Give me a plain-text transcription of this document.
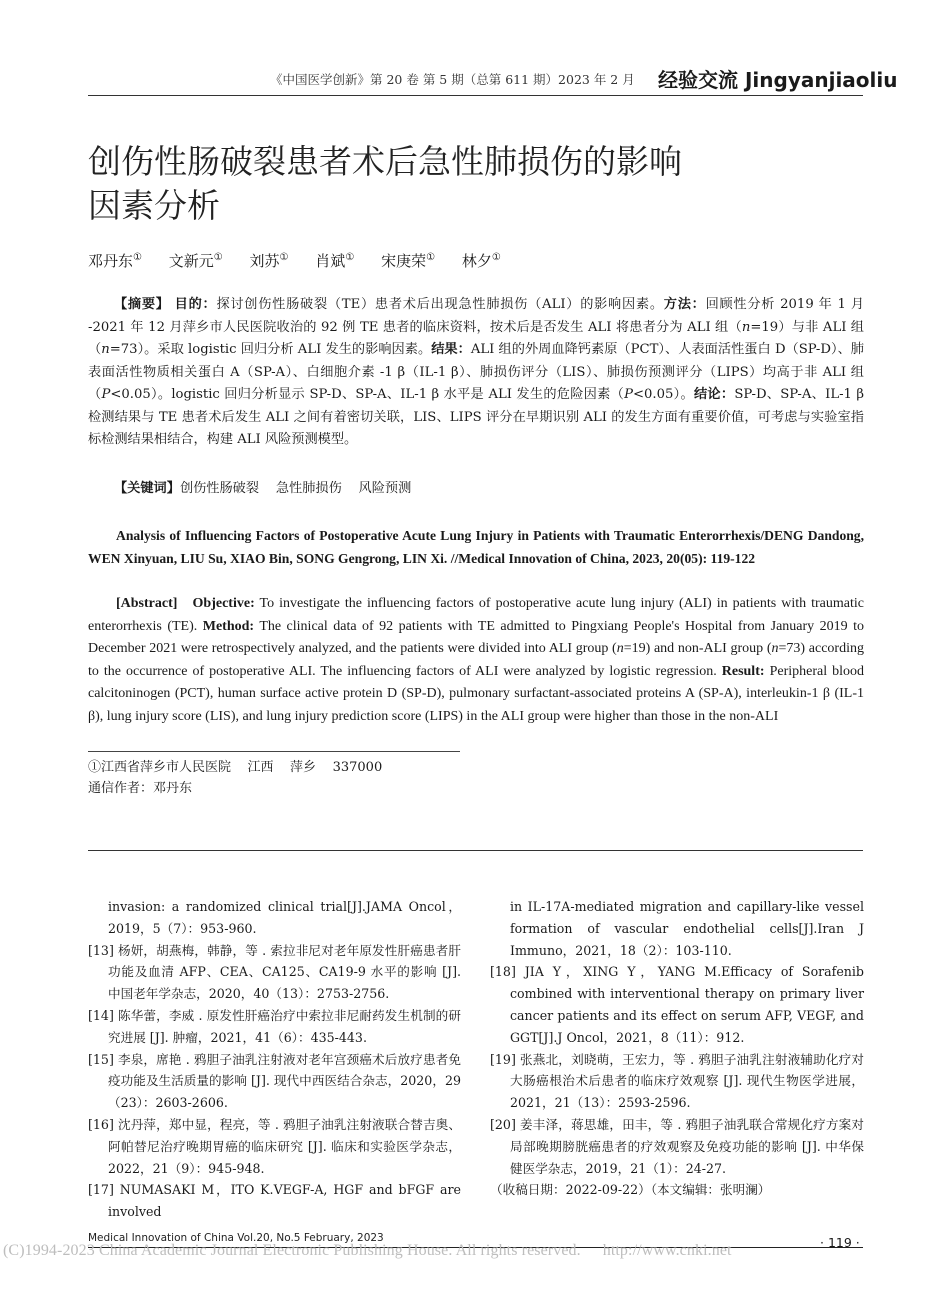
《中国医学创新》第 20 卷 第 5 期（总第 611 期）2023 年 2 月 经验交流 Jingyanjiaoliu
创伤性肠破裂患者术后急性肺损伤的影响
因素分析
邓丹东① 文新元① 刘苏① 肖斌① 宋庚荣① 林夕①
【摘要】 目的：探讨创伤性肠破裂（TE）患者术后出现急性肺损伤（ALI）的影响因素。方法：回顾性分析 2019 年 1 月 -2021 年 12 月萍乡市人民医院收治的 92 例 TE 患者的临床资料，按术后是否发生 ALI 将患者分为 ALI 组（n=19）与非 ALI 组（n=73）。采取 logistic 回归分析 ALI 发生的影响因素。结果：ALI 组的外周血降钙素原（PCT）、人表面活性蛋白 D（SP-D）、肺表面活性物质相关蛋白 A（SP-A）、白细胞介素 -1 β（IL-1 β）、肺损伤评分（LIS）、肺损伤预测评分（LIPS）均高于非 ALI 组（P<0.05）。logistic 回归分析显示 SP-D、SP-A、IL-1 β 水平是 ALI 发生的危险因素（P<0.05）。结论：SP-D、SP-A、IL-1 β 检测结果与 TE 患者术后发生 ALI 之间有着密切关联，LIS、LIPS 评分在早期识别 ALI 的发生方面有重要价值，可考虑与实验室指标检测结果相结合，构建 ALI 风险预测模型。
【关键词】创伤性肠破裂    急性肺损伤    风险预测
Analysis of Influencing Factors of Postoperative Acute Lung Injury in Patients with Traumatic Enterorrhexis/DENG Dandong, WEN Xinyuan, LIU Su, XIAO Bin, SONG Gengrong, LIN Xi. //Medical Innovation of China, 2023, 20(05): 119-122
[Abstract] Objective: To investigate the influencing factors of postoperative acute lung injury (ALI) in patients with traumatic enterorrhexis (TE). Method: The clinical data of 92 patients with TE admitted to Pingxiang People's Hospital from January 2019 to December 2021 were retrospectively analyzed, and the patients were divided into ALI group (n=19) and non-ALI group (n=73) according to the occurrence of postoperative ALI. The influencing factors of ALI were analyzed by logistic regression. Result: Peripheral blood calcitoninogen (PCT), human surface active protein D (SP-D), pulmonary surfactant-associated proteins A (SP-A), interleukin-1 β (IL-1 β), lung injury score (LIS), and lung injury prediction score (LIPS) in the ALI group were higher than those in the non-ALI
①江西省萍乡市人民医院    江西    萍乡    337000
通信作者：邓丹东

invasion: a randomized clinical trial[J].JAMA Oncol，2019，5（7）：953-960.

[13] 杨妍，胡燕梅，韩静，等 . 索拉非尼对老年原发性肝癌患者肝功能及血清 AFP、CEA、CA125、CA19-9 水平的影响 [J]. 中国老年学杂志，2020，40（13）：2753-2756.

[14] 陈华蕾，李威 . 原发性肝癌治疗中索拉非尼耐药发生机制的研究进展 [J]. 肿瘤，2021，41（6）：435-443.

[15] 李泉，席艳 . 鸦胆子油乳注射液对老年宫颈癌术后放疗患者免疫功能及生活质量的影响 [J]. 现代中西医结合杂志，2020，29（23）：2603-2606.

[16] 沈丹萍，郑中显，程亮，等 . 鸦胆子油乳注射液联合替吉奥、阿帕替尼治疗晚期胃癌的临床研究 [J]. 临床和实验医学杂志，2022，21（9）：945-948.

[17] NUMASAKI M，ITO K.VEGF-A, HGF and bFGF are involved

in IL-17A-mediated migration and capillary-like vessel formation of vascular endothelial cells[J].Iran J Immuno，2021，18（2）：103-110.

[18] JIA Y，XING Y，YANG M.Efficacy of Sorafenib combined with interventional therapy on primary liver cancer patients and its effect on serum AFP, VEGF, and GGT[J].J Oncol，2021，8（11）：912.

[19] 张燕北，刘晓萌，王宏力，等 . 鸦胆子油乳注射液辅助化疗对大肠癌根治术后患者的临床疗效观察 [J]. 现代生物医学进展，2021，21（13）：2593-2596.

[20] 姜丰泽，蒋思雄，田丰，等 . 鸦胆子油乳联合常规化疗方案对局部晚期膀胱癌患者的疗效观察及免疫功能的影响 [J]. 中华保健医学杂志，2019，21（1）：24-27.

（收稿日期：2022-09-22）（本文编辑：张明澜）

Medical Innovation of China Vol.20, No.5 February, 2023	· 119 ·
(C)1994-2023 China Academic Journal Electronic Publishing House. All rights reserved. http://www.cnki.net
